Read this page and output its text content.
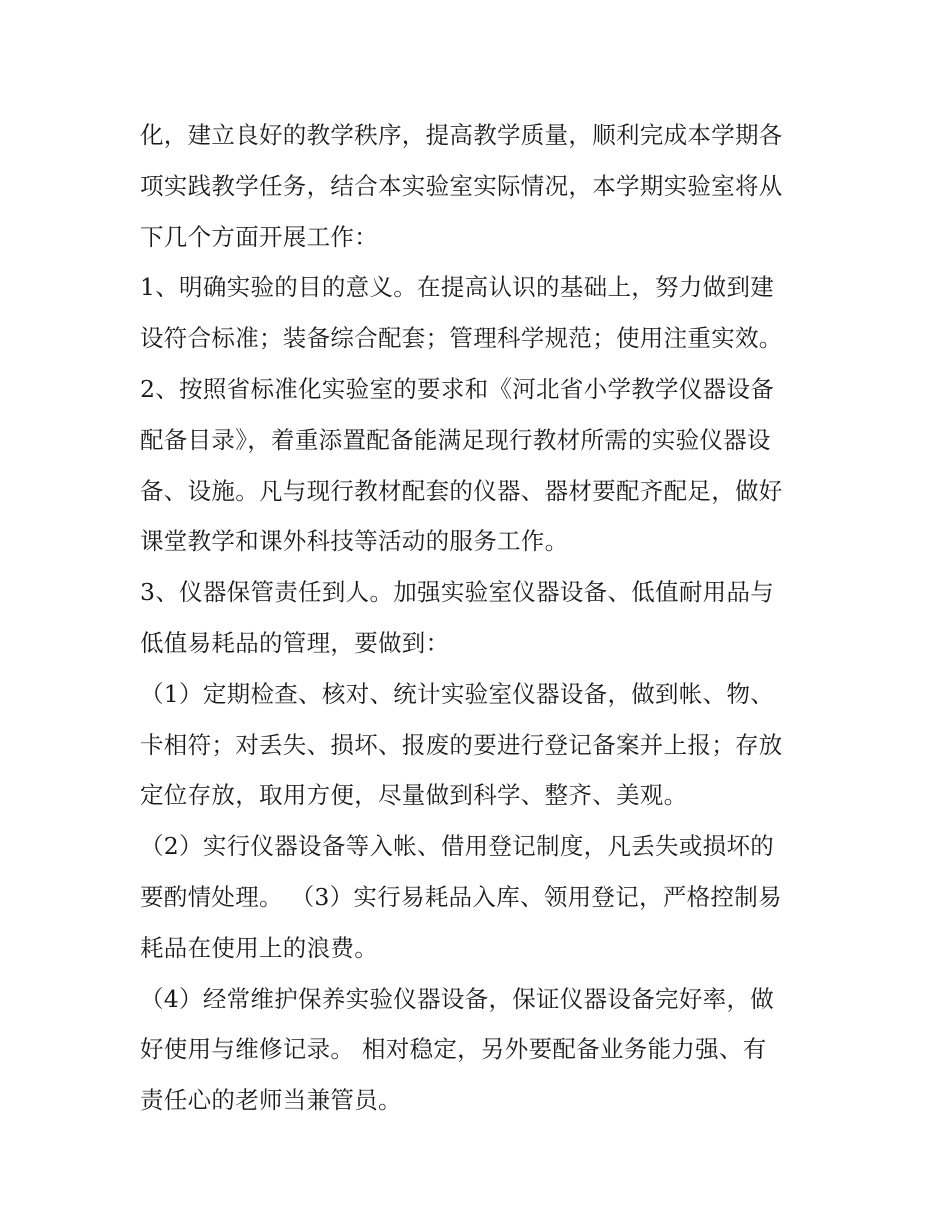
化，建立良好的教学秩序，提高教学质量，顺利完成本学期各
项实践教学任务，结合本实验室实际情况，本学期实验室将从
下几个方面开展工作：
1、明确实验的目的意义。在提高认识的基础上，努力做到建
设符合标准；装备综合配套；管理科学规范；使用注重实效。
2、按照省标准化实验室的要求和《河北省小学教学仪器设备
配备目录》，着重添置配备能满足现行教材所需的实验仪器设
备、设施。凡与现行教材配套的仪器、器材要配齐配足，做好
课堂教学和课外科技等活动的服务工作。
3、仪器保管责任到人。加强实验室仪器设备、低值耐用品与
低值易耗品的管理，要做到：
（1）定期检查、核对、统计实验室仪器设备，做到帐、物、
卡相符；对丢失、损坏、报废的要进行登记备案并上报；存放
定位存放，取用方便，尽量做到科学、整齐、美观。
（2）实行仪器设备等入帐、借用登记制度，凡丢失或损坏的
要酌情处理。 （3）实行易耗品入库、领用登记，严格控制易
耗品在使用上的浪费。
（4）经常维护保养实验仪器设备，保证仪器设备完好率，做
好使用与维修记录。 相对稳定，另外要配备业务能力强、有
责任心的老师当兼管员。
